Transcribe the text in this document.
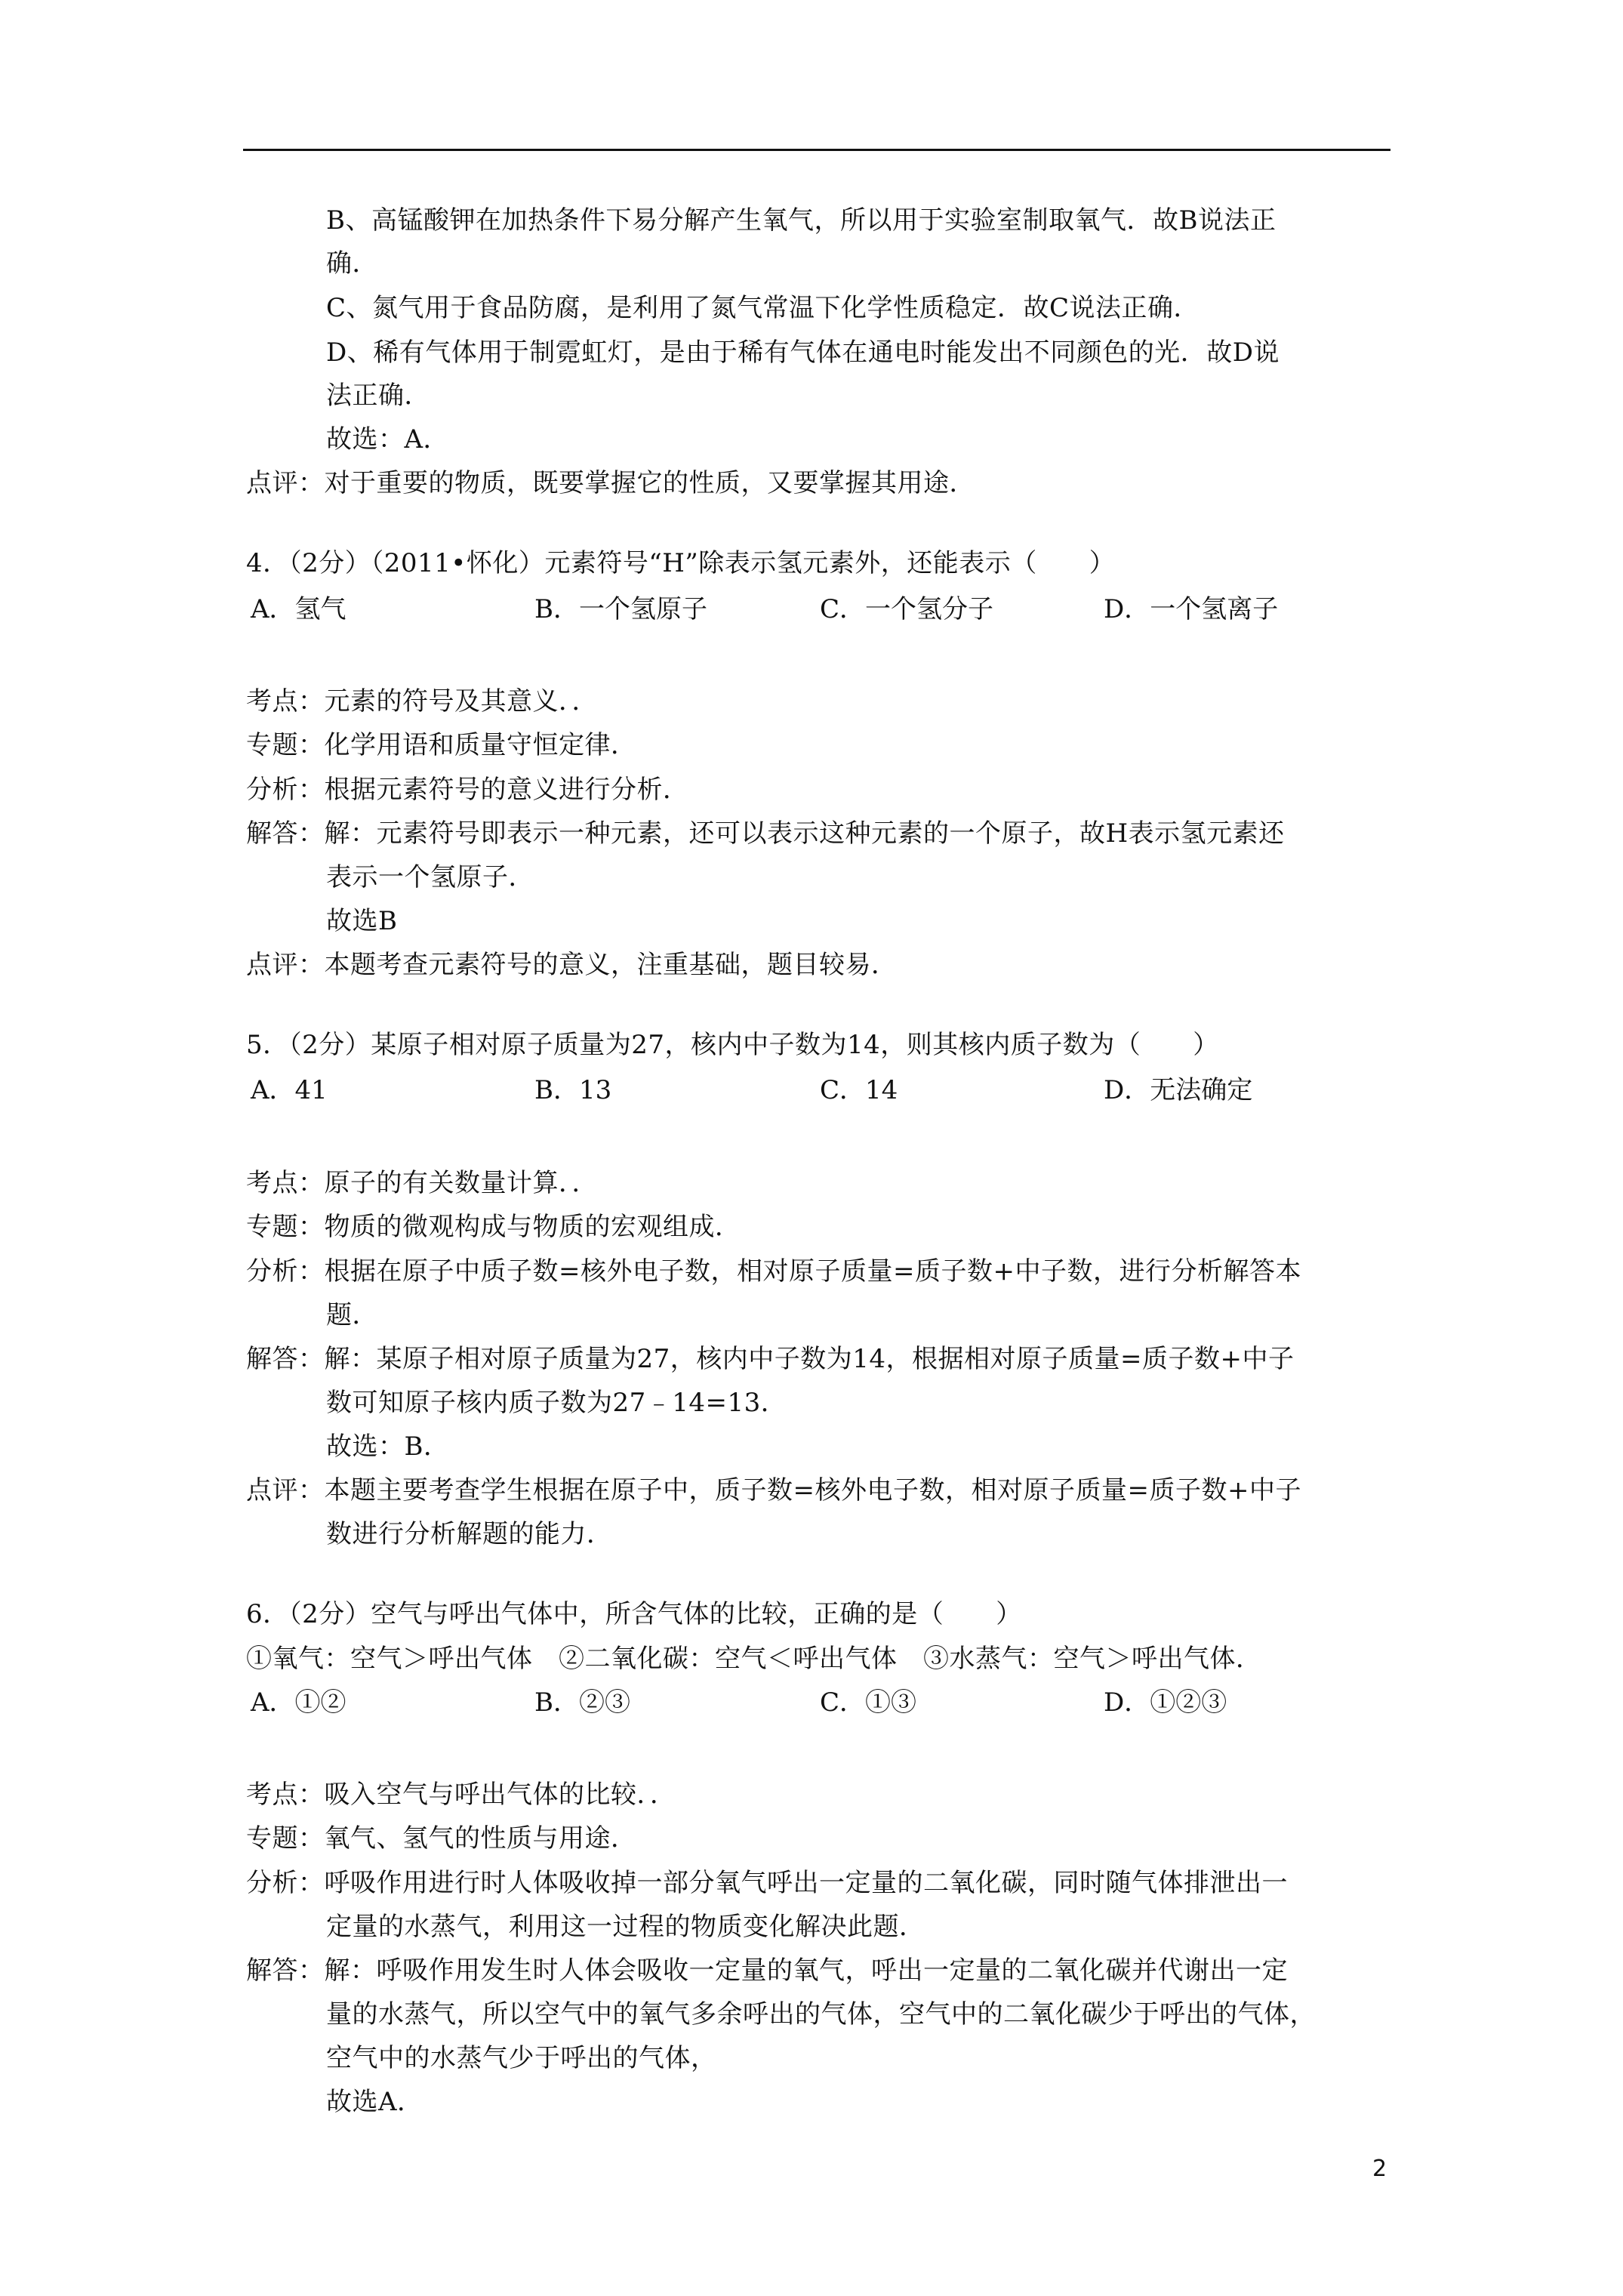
B、高锰酸钾在加热条件下易分解产生氧气，所以用于实验室制取氧气．故B说法正
确．
C、氮气用于食品防腐，是利用了氮气常温下化学性质稳定．故C说法正确．
D、稀有气体用于制霓虹灯，是由于稀有气体在通电时能发出不同颜色的光．故D说
法正确．
故选：A．
点评：对于重要的物质，既要掌握它的性质，又要掌握其用途．
4．（2分）（2011•怀化）元素符号“H”除表示氢元素外，还能表示（　　）
A．氢气	B．一个氢原子	C．一个氢分子	D．一个氢离子
考点：元素的符号及其意义．．
专题：化学用语和质量守恒定律．
分析：根据元素符号的意义进行分析．
解答：解：元素符号即表示一种元素，还可以表示这种元素的一个原子，故H表示氢元素还
表示一个氢原子．
故选B
点评：本题考查元素符号的意义，注重基础，题目较易．
5．（2分）某原子相对原子质量为27，核内中子数为14，则其核内质子数为（　　）
A．41	B．13	C．14	D．无法确定
考点：原子的有关数量计算．．
专题：物质的微观构成与物质的宏观组成．
分析：根据在原子中质子数=核外电子数，相对原子质量=质子数+中子数，进行分析解答本
题．
解答：解：某原子相对原子质量为27，核内中子数为14，根据相对原子质量=质子数+中子
数可知原子核内质子数为27﹣14=13．
故选：B．
点评：本题主要考查学生根据在原子中，质子数=核外电子数，相对原子质量=质子数+中子
数进行分析解题的能力．
6．（2分）空气与呼出气体中，所含气体的比较，正确的是（　　）
①氧气：空气＞呼出气体　②二氧化碳：空气＜呼出气体　③水蒸气：空气＞呼出气体．
A．①②	B．②③	C．①③	D．①②③
考点：吸入空气与呼出气体的比较．．
专题：氧气、氢气的性质与用途．
分析：呼吸作用进行时人体吸收掉一部分氧气呼出一定量的二氧化碳，同时随气体排泄出一
定量的水蒸气，利用这一过程的物质变化解决此题．
解答：解：呼吸作用发生时人体会吸收一定量的氧气，呼出一定量的二氧化碳并代谢出一定
量的水蒸气，所以空气中的氧气多余呼出的气体，空气中的二氧化碳少于呼出的气体，
空气中的水蒸气少于呼出的气体，
故选A．
2
